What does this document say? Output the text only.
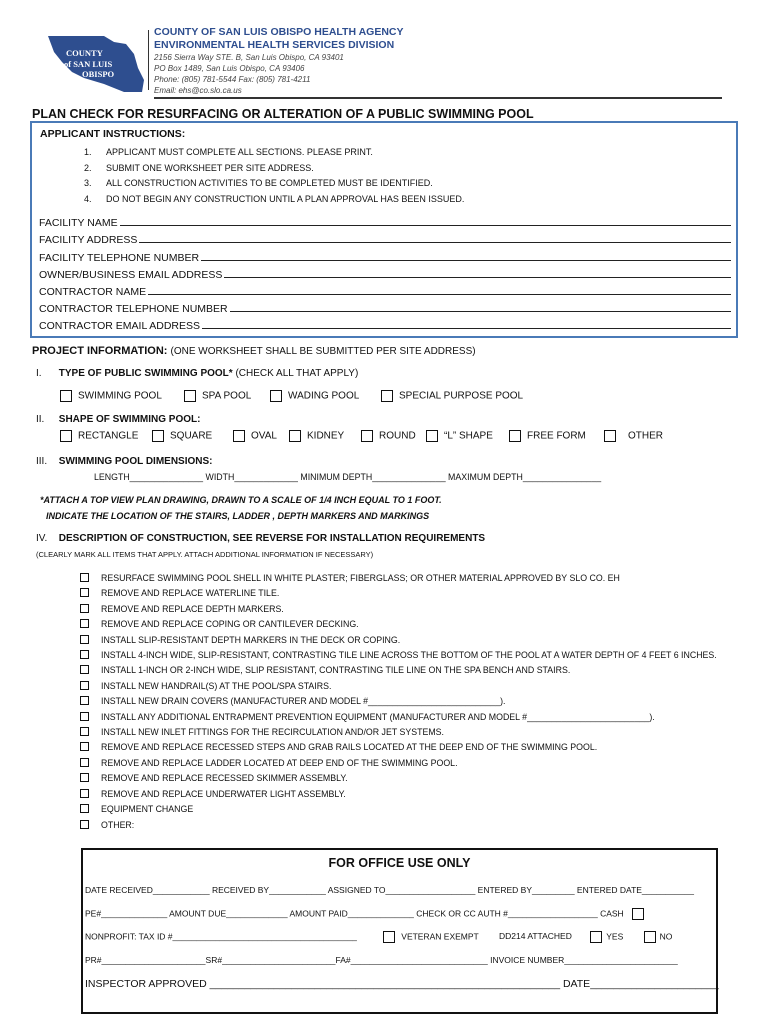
COUNTY
of SAN LUIS
OBISPO
COUNTY OF SAN LUIS OBISPO HEALTH AGENCY
ENVIRONMENTAL HEALTH SERVICES DIVISION
2156 Sierra Way STE. B, San Luis Obispo, CA 93401
PO Box 1489, San Luis Obispo, CA 93406
Phone: (805) 781-5544 Fax: (805) 781-4211
Email: ehs@co.slo.ca.us
PLAN CHECK FOR RESURFACING OR ALTERATION OF A PUBLIC SWIMMING POOL
APPLICANT INSTRUCTIONS:
1. APPLICANT MUST COMPLETE ALL SECTIONS. PLEASE PRINT.
2. SUBMIT ONE WORKSHEET PER SITE ADDRESS.
3. ALL CONSTRUCTION ACTIVITIES TO BE COMPLETED MUST BE IDENTIFIED.
4. DO NOT BEGIN ANY CONSTRUCTION UNTIL A PLAN APPROVAL HAS BEEN ISSUED.
FACILITY NAME
FACILITY ADDRESS
FACILITY TELEPHONE NUMBER
OWNER/BUSINESS EMAIL ADDRESS
CONTRACTOR NAME
CONTRACTOR TELEPHONE NUMBER
CONTRACTOR EMAIL ADDRESS
PROJECT INFORMATION: (ONE WORKSHEET SHALL BE SUBMITTED PER SITE ADDRESS)
I. TYPE OF PUBLIC SWIMMING POOL* (CHECK ALL THAT APPLY)
SWIMMING POOL	SPA POOL	WADING POOL	SPECIAL PURPOSE POOL
II. SHAPE OF SWIMMING POOL:
RECTANGLE	SQUARE	OVAL	KIDNEY	ROUND	“L” SHAPE	FREE FORM	OTHER
III. SWIMMING POOL DIMENSIONS:
LENGTH_______________ WIDTH_____________ MINIMUM DEPTH_______________ MAXIMUM DEPTH________________
*ATTACH A TOP VIEW PLAN DRAWING, DRAWN TO A SCALE OF 1/4 INCH EQUAL TO 1 FOOT.
INDICATE THE LOCATION OF THE STAIRS, LADDER , DEPTH MARKERS AND MARKINGS
IV. DESCRIPTION OF CONSTRUCTION, SEE REVERSE FOR INSTALLATION REQUIREMENTS
(CLEARLY MARK ALL ITEMS THAT APPLY. ATTACH ADDITIONAL INFORMATION IF NECESSARY)
RESURFACE SWIMMING POOL SHELL IN WHITE PLASTER; FIBERGLASS; OR OTHER MATERIAL APPROVED BY SLO CO. EH
REMOVE AND REPLACE WATERLINE TILE.
REMOVE AND REPLACE DEPTH MARKERS.
REMOVE AND REPLACE COPING OR CANTILEVER DECKING.
INSTALL SLIP-RESISTANT DEPTH MARKERS IN THE DECK OR COPING.
INSTALL 4-INCH WIDE, SLIP-RESISTANT, CONTRASTING TILE LINE ACROSS THE BOTTOM OF THE POOL AT A WATER DEPTH OF 4 FEET 6 INCHES.
INSTALL 1-INCH OR 2-INCH WIDE, SLIP RESISTANT, CONTRASTING TILE LINE ON THE SPA BENCH AND STAIRS.
INSTALL NEW HANDRAIL(S) AT THE POOL/SPA STAIRS.
INSTALL NEW DRAIN COVERS (MANUFACTURER AND MODEL #___________________________).
INSTALL ANY ADDITIONAL ENTRAPMENT PREVENTION EQUIPMENT (MANUFACTURER AND MODEL #_________________________).
INSTALL NEW INLET FITTINGS FOR THE RECIRCULATION AND/OR JET SYSTEMS.
REMOVE AND REPLACE RECESSED STEPS AND GRAB RAILS LOCATED AT THE DEEP END OF THE SWIMMING POOL.
REMOVE AND REPLACE LADDER LOCATED AT DEEP END OF THE SWIMMING POOL.
REMOVE AND REPLACE RECESSED SKIMMER ASSEMBLY.
REMOVE AND REPLACE UNDERWATER LIGHT ASSEMBLY.
EQUIPMENT CHANGE
OTHER:
FOR OFFICE USE ONLY
DATE RECEIVED____________ RECEIVED BY____________ ASSIGNED TO___________________ ENTERED BY_________ ENTERED DATE___________
PE#______________ AMOUNT DUE_____________ AMOUNT PAID______________ CHECK OR CC AUTH #___________________ CASH
NONPROFIT: TAX ID #_______________________________________	VETERAN EXEMPT DD214 ATTACHED	YES	NO
PR#______________________SR#________________________FA#_____________________________ INVOICE NUMBER________________________
INSPECTOR APPROVED ____________________________________________________________ DATE______________________
